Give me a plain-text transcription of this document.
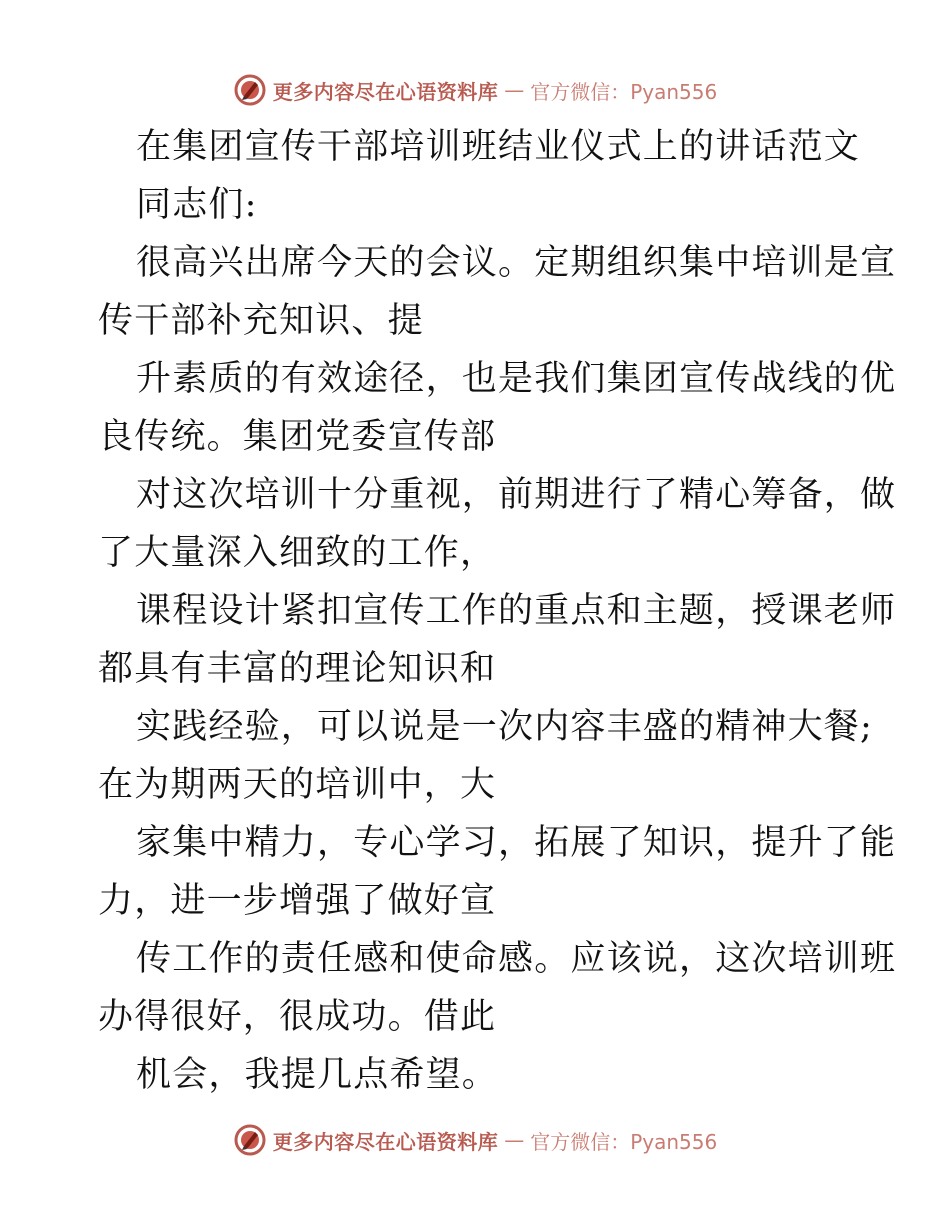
更多内容尽在心语资料库 — 官方微信：Pyan556
在集团宣传干部培训班结业仪式上的讲话范文
同志们:
很高兴出席今天的会议。定期组织集中培训是宣
传干部补充知识、提
升素质的有效途径，也是我们集团宣传战线的优
良传统。集团党委宣传部
对这次培训十分重视，前期进行了精心筹备，做
了大量深入细致的工作，
课程设计紧扣宣传工作的重点和主题，授课老师
都具有丰富的理论知识和
实践经验，可以说是一次内容丰盛的精神大餐;
在为期两天的培训中，大
家集中精力，专心学习，拓展了知识，提升了能
力，进一步增强了做好宣
传工作的责任感和使命感。应该说，这次培训班
办得很好，很成功。借此
机会，我提几点希望。
更多内容尽在心语资料库 — 官方微信：Pyan556
